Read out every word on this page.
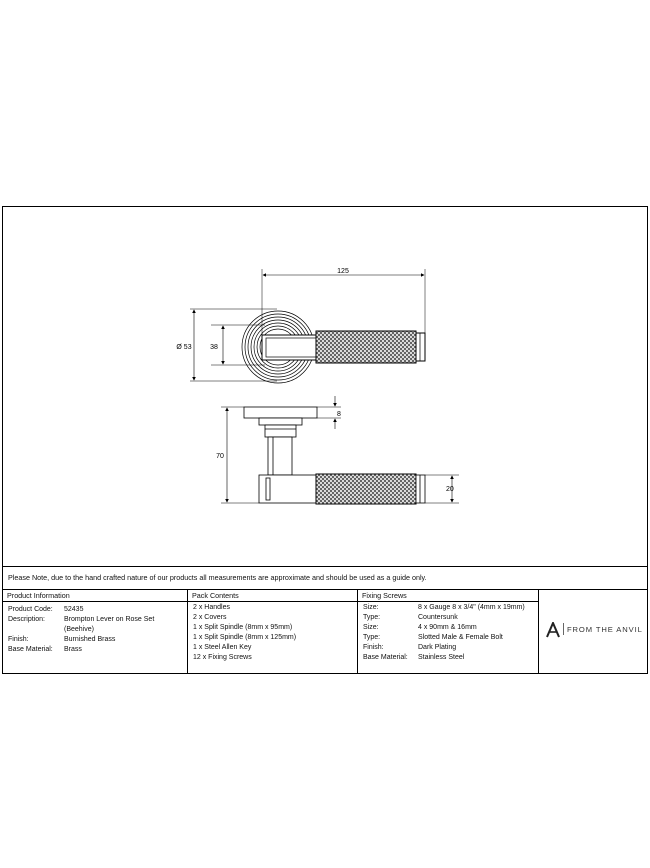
125
Ø 53	38
8
70
20
Please Note, due to the hand crafted nature of our products all measurements are approximate and should be used as a guide only.
Product Information
Product Code: 52435
Description:	Brompton Lever on Rose Set
(Beehive)
Finish:	Burnished Brass
Base Material: Brass
Pack Contents
2 x Handles
2 x Covers
1 x Split Spindle (8mm x 95mm)
1 x Split Spindle (8mm x 125mm)
1 x Steel Allen Key
12 x Fixing Screws
Fixing Screws
Size:	8 x Gauge 8 x 3/4" (4mm x 19mm)
Type:	Countersunk
Size:	4 x 90mm & 16mm
Type:	Slotted Male & Female Bolt
Finish:	Dark Plating
Base Material: Stainless Steel
FROM THE ANVIL
